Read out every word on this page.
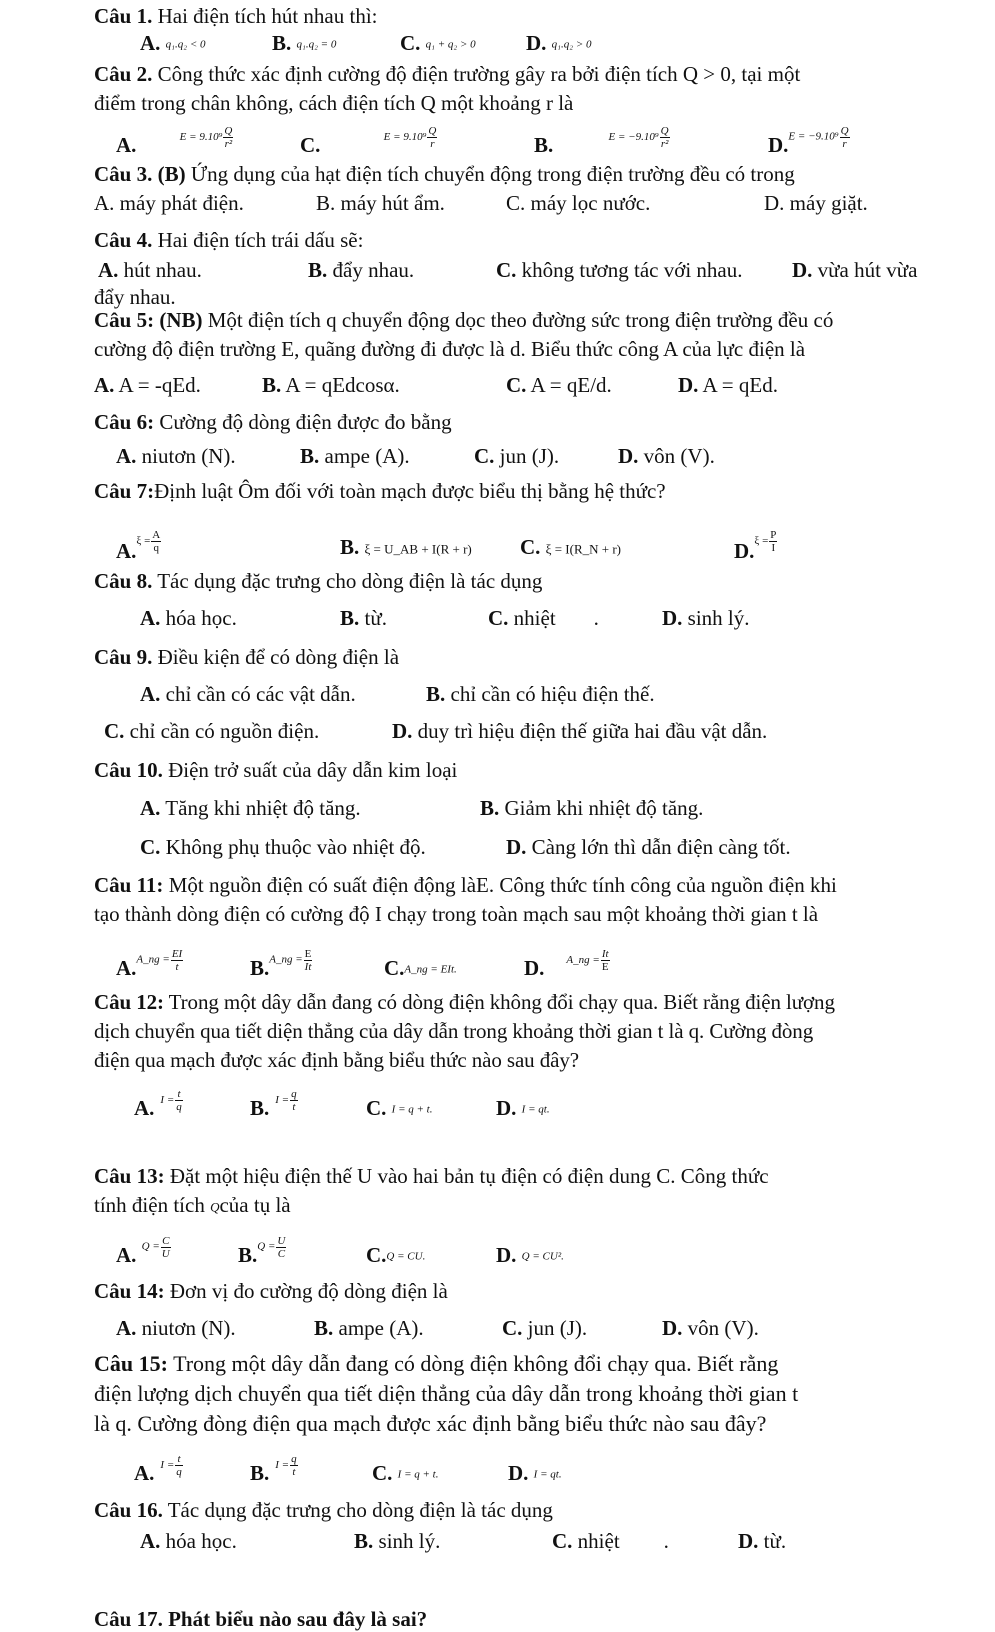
Câu 1. Hai điện tích hút nhau thì:
A. q₁.q₂ < 0	B. q₁.q₂ = 0	C. q₁ + q₂ > 0 D. q₁.q₂ > 0
Câu 2. Công thức xác định cường độ điện trường gây ra bởi điện tích Q > 0, tại một
điểm trong chân không, cách điện tích Q một khoảng r là
A.	$E = 9.10^9 \frac{Q}{\text{r²}}$	C.	$E = 9.10^9 \frac{Q}{r}$	B.	$E = -9.10^9 \frac{Q}{\text{r²}}$	$D.E = -9.10^9 \frac{Q}{r}$
Câu 3. (B) Ứng dụng của hạt điện tích chuyển động trong điện trường đều có trong
A. máy phát điện.	B. máy hút ẩm.	C. máy lọc nước.	D. máy giặt.
Câu 4. Hai điện tích trái dấu sẽ:
A. hút nhau.	B. đẩy nhau.	C. không tương tác với nhau. D. vừa hút vừa
đẩy nhau.
Câu 5: (NB) Một điện tích q chuyển động dọc theo đường sức trong điện trường đều có
cường độ điện trường E, quãng đường đi được là d. Biểu thức công A của lực điện là
A. A = -qEd.	B. A = qEdcosα.	C. A = qE/d.	D. A = qEd.
Câu 6: Cường độ dòng điện được đo bằng
A. niutơn (N).	B. ampe (A).	C. jun (J).	D. vôn (V).
Câu 7:Định luật Ôm đối với toàn mạch được biểu thị bằng hệ thức?
$A.^{\xi =} \frac{A}{q}$	B. ξ = U_AB + I(R + r) C. ξ = I(R_N + r)	$D.^{\xi =} \frac{P}{I}$
Câu 8. Tác dụng đặc trưng cho dòng điện là tác dụng
A. hóa học.	B. từ.	C. nhiệt .	D. sinh lý.
Câu 9. Điều kiện để có dòng điện là
A. chỉ cần có các vật dẫn.	B. chỉ cần có hiệu điện thế.
C. chỉ cần có nguồn điện.	D. duy trì hiệu điện thế giữa hai đầu vật dẫn.
Câu 10. Điện trở suất của dây dẫn kim loại
A. Tăng khi nhiệt độ tăng.	B. Giảm khi nhiệt độ tăng.
C. Không phụ thuộc vào nhiệt độ.	D. Càng lớn thì dẫn điện càng tốt.
Câu 11: Một nguồn điện có suất điện động làE. Công thức tính công của nguồn điện khi
tạo thành dòng điện có cường độ I chạy trong toàn mạch sau một khoảng thời gian t là
A.A_ng = $\frac{EI}{t}$	B.A_ng = $\frac{E}{It}$	C.A_ng = EIt.	D. A_ng = $\frac{It}{E}$
Câu 12: Trong một dây dẫn đang có dòng điện không đổi chạy qua. Biết rằng điện lượng
dịch chuyển qua tiết diện thẳng của dây dẫn trong khoảng thời gian t là q. Cường đòng
điện qua mạch được xác định bằng biểu thức nào sau đây?
A. $I = \frac{t}{q}$	B. $I = \frac{q}{t}$	C. I = q + t.	D. I = qt.
Câu 13: Đặt một hiệu điện thế U vào hai bản tụ điện có điện dung C. Công thức
tính điện tích Qcủa tụ là
A. $Q = \frac{C}{U}$	$B.Q = \frac{U}{C}$	C.Q = CU.	D. Q = CU².
Câu 14: Đơn vị đo cường độ dòng điện là
A. niutơn (N).	B. ampe (A).	C. jun (J).	D. vôn (V).
Câu 15: Trong một dây dẫn đang có dòng điện không đổi chạy qua. Biết rằng
điện lượng dịch chuyển qua tiết diện thẳng của dây dẫn trong khoảng thời gian t
là q. Cường đòng điện qua mạch được xác định bằng biểu thức nào sau đây?
A. $I = \frac{t}{q}$	B. $I = \frac{q}{t}$	C. I = q + t.	D. I = qt.
Câu 16. Tác dụng đặc trưng cho dòng điện là tác dụng
A. hóa học.	B. sinh lý.	C. nhiệt .	D. từ.
Câu 17. Phát biểu nào sau đây là sai?
